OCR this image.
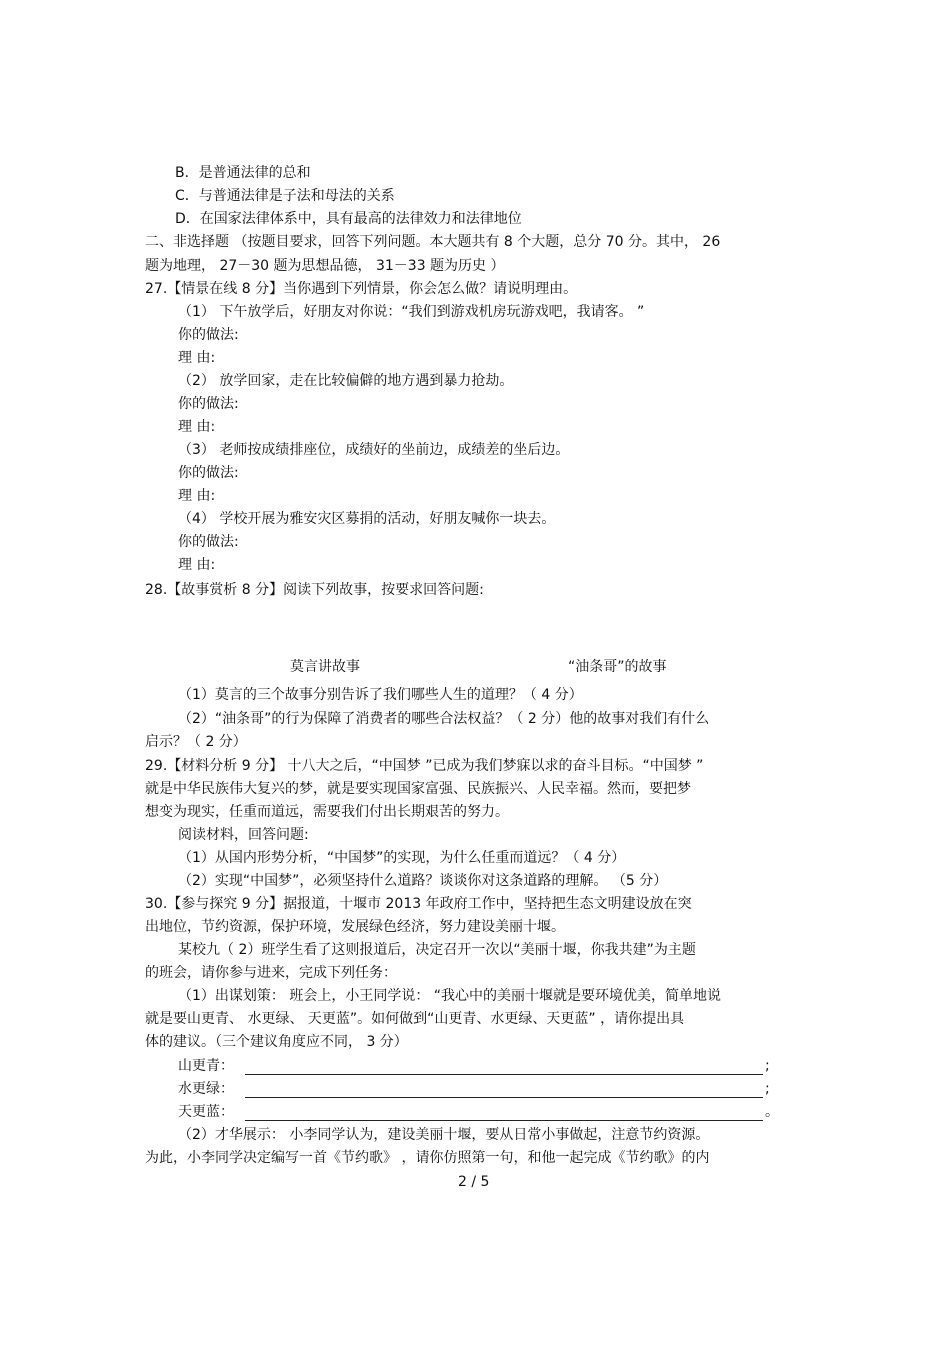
B．是普通法律的总和
C．与普通法律是子法和母法的关系
D．在国家法律体系中，具有最高的法律效力和法律地位
二、非选择题 （按题目要求，回答下列问题。本大题共有 8 个大题，总分 70 分。其中， 26
题为地理， 27－30 题为思想品德， 31－33 题为历史 ）
27.【情景在线 8 分】当你遇到下列情景，你会怎么做？请说明理由。
（1） 下午放学后，好朋友对你说：“我们到游戏机房玩游戏吧，我请客。 ”
你的做法:
理 由:
（2） 放学回家，走在比较偏僻的地方遇到暴力抢劫。
你的做法:
理 由:
（3） 老师按成绩排座位，成绩好的坐前边，成绩差的坐后边。
你的做法:
理 由:
（4） 学校开展为雅安灾区募捐的活动，好朋友喊你一块去。
你的做法:
理 由:
28.【故事赏析 8 分】阅读下列故事，按要求回答问题:
莫言讲故事	“油条哥”的故事
（1）莫言的三个故事分别告诉了我们哪些人生的道理？（ 4 分）
（2）“油条哥”的行为保障了消费者的哪些合法权益？（ 2 分）他的故事对我们有什么
启示？（ 2 分）
29.【材料分析 9 分】 十八大之后，“中国梦 ”已成为我们梦寐以求的奋斗目标。“中国梦 ”
就是中华民族伟大复兴的梦，就是要实现国家富强、民族振兴、人民幸福。然而，要把梦
想变为现实，任重而道远，需要我们付出长期艰苦的努力。
阅读材料，回答问题:
（1）从国内形势分析，“中国梦”的实现，为什么任重而道远？（ 4 分）
（2）实现“中国梦”，必须坚持什么道路？谈谈你对这条道路的理解。 （5 分）
30.【参与探究 9 分】据报道，十堰市 2013 年政府工作中，坚持把生态文明建设放在突
出地位，节约资源，保护环境，发展绿色经济，努力建设美丽十堰。
某校九（ 2）班学生看了这则报道后，决定召开一次以“美丽十堰，你我共建”为主题
的班会，请你参与进来，完成下列任务：
（1）出谋划策： 班会上，小王同学说： “我心中的美丽十堰就是要环境优美，简单地说
就是要山更青、 水更绿、 天更蓝”。如何做到“山更青、水更绿、天更蓝” ，请你提出具
体的建议。（三个建议角度应不同， 3 分）
山更青：	;
水更绿：	;
天更蓝：	。
（2）才华展示： 小李同学认为，建设美丽十堰，要从日常小事做起，注意节约资源。
为此，小李同学决定编写一首《节约歌》 ，请你仿照第一句，和他一起完成《节约歌》的内
2 / 5
